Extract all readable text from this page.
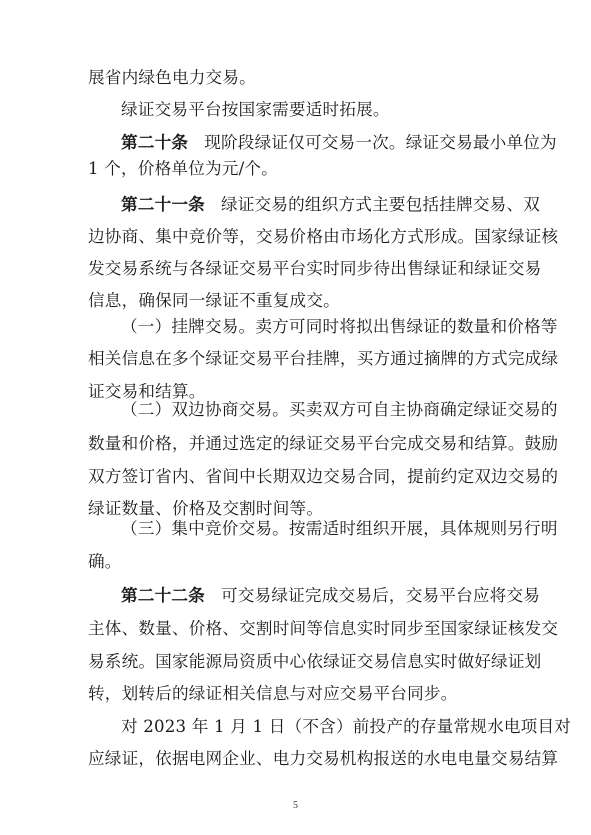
展省内绿色电力交易。
绿证交易平台按国家需要适时拓展。
第二十条 现阶段绿证仅可交易一次。绿证交易最小单位为
1 个，价格单位为元/个。
第二十一条 绿证交易的组织方式主要包括挂牌交易、双
边协商、集中竞价等，交易价格由市场化方式形成。国家绿证核
发交易系统与各绿证交易平台实时同步待出售绿证和绿证交易
信息，确保同一绿证不重复成交。
（一）挂牌交易。卖方可同时将拟出售绿证的数量和价格等
相关信息在多个绿证交易平台挂牌，买方通过摘牌的方式完成绿
证交易和结算。
（二）双边协商交易。买卖双方可自主协商确定绿证交易的
数量和价格，并通过选定的绿证交易平台完成交易和结算。鼓励
双方签订省内、省间中长期双边交易合同，提前约定双边交易的
绿证数量、价格及交割时间等。
（三）集中竞价交易。按需适时组织开展，具体规则另行明
确。
第二十二条 可交易绿证完成交易后，交易平台应将交易
主体、数量、价格、交割时间等信息实时同步至国家绿证核发交
易系统。国家能源局资质中心依绿证交易信息实时做好绿证划
转，划转后的绿证相关信息与对应交易平台同步。
5
对 2023 年 1 月 1 日（不含）前投产的存量常规水电项目对
应绿证，依据电网企业、电力交易机构报送的水电电量交易结算
